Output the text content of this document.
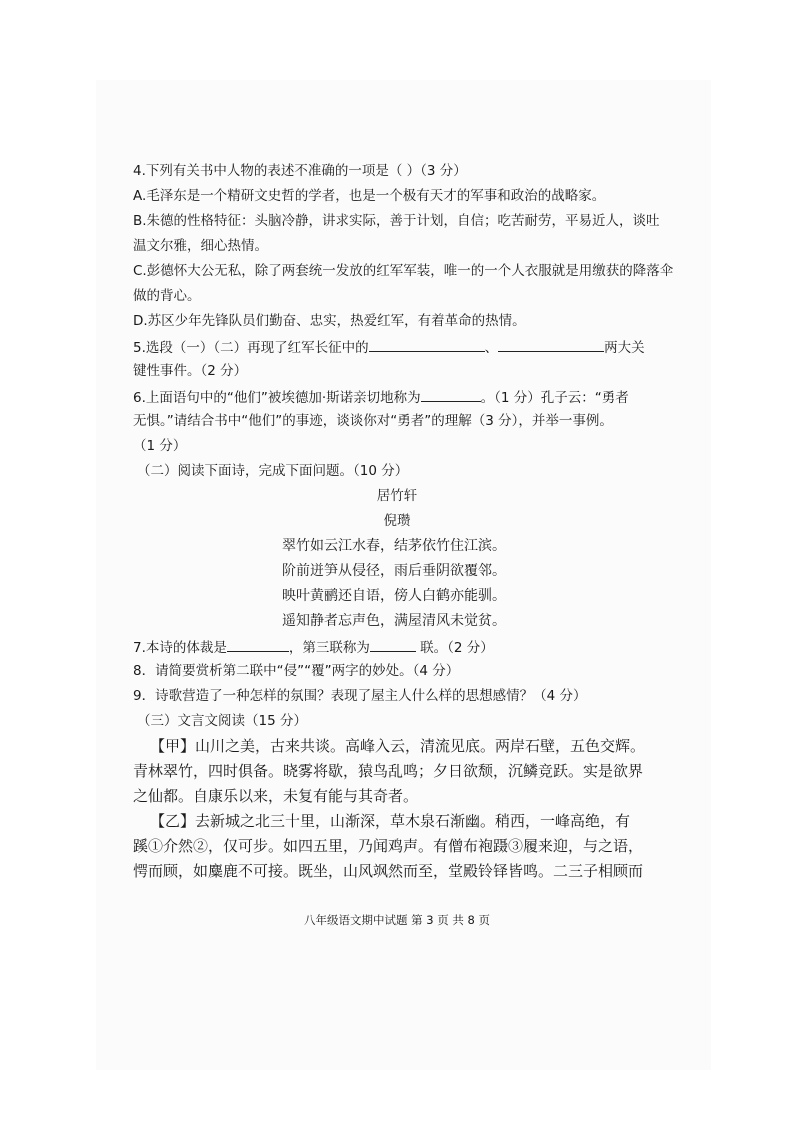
4.下列有关书中人物的表述不准确的一项是（ ）（3 分）
A.毛泽东是一个精研文史哲的学者，也是一个极有天才的军事和政治的战略家。
B.朱德的性格特征：头脑冷静，讲求实际，善于计划，自信；吃苦耐劳，平易近人，谈吐
温文尔雅，细心热情。
C.彭德怀大公无私，除了两套统一发放的红军军装，唯一的一个人衣服就是用缴获的降落伞
做的背心。
D.苏区少年先锋队员们勤奋、忠实，热爱红军，有着革命的热情。
5.选段（一）（二）再现了红军长征中的	、	两大关
键性事件。（2 分）
6.上面语句中的“他们”被埃德加·斯诺亲切地称为	。（1 分）孔子云：“勇者
无惧。”请结合书中“他们”的事迹，谈谈你对“勇者”的理解（3 分），并举一事例。
（1 分）
（二）阅读下面诗，完成下面问题。（10 分）
居竹轩
倪瓒
翠竹如云江水春，结茅依竹住江滨。
阶前迸笋从侵径，雨后垂阴欲覆邻。
映叶黄鹂还自语，傍人白鹤亦能驯。
遥知静者忘声色，满屋清风未觉贫。
7.本诗的体裁是	，第三联称为	联。（2 分）
8．请简要赏析第二联中“侵”“覆”两字的妙处。（4 分）
9．诗歌营造了一种怎样的氛围？表现了屋主人什么样的思想感情？（4 分）
（三）文言文阅读（15 分）
【甲】山川之美，古来共谈。高峰入云，清流见底。两岸石壁，五色交辉。
青林翠竹，四时俱备。晓雾将歇，猿鸟乱鸣；夕日欲颓，沉鳞竞跃。实是欲界
之仙都。自康乐以来，未复有能与其奇者。
【乙】去新城之北三十里，山渐深，草木泉石渐幽。稍西，一峰高绝，有
蹊①介然②，仅可步。如四五里，乃闻鸡声。有僧布袍蹑③履来迎，与之语，
愕而顾，如麋鹿不可接。既坐，山风飒然而至，堂殿铃铎皆鸣。二三子相顾而
八年级语文期中试题 第 3 页 共 8 页
